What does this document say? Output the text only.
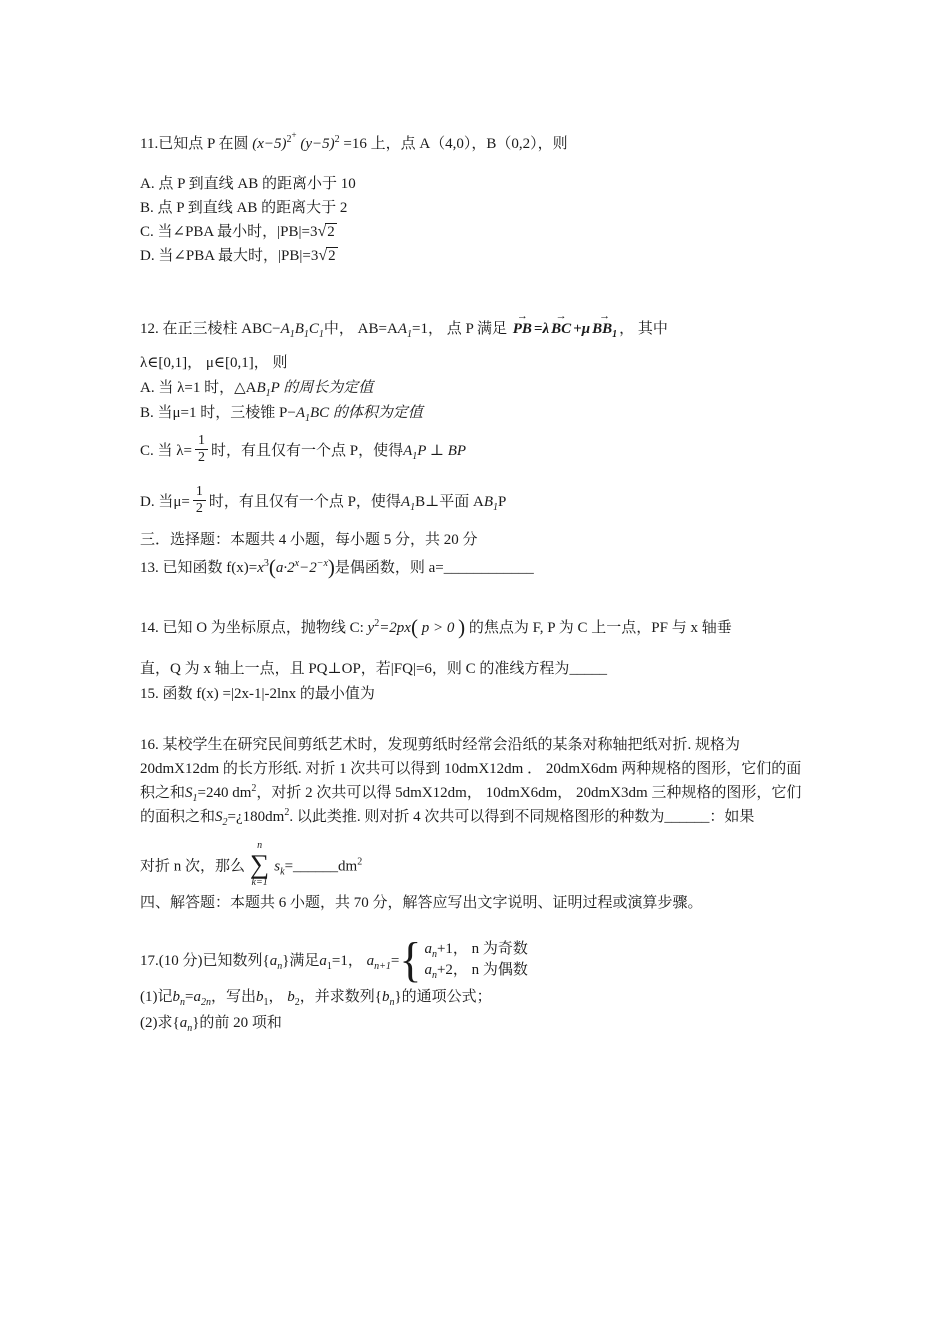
11.已知点 P 在圆 $(x-5)^{2+}$ $(y-5)^2 =16$ 上，点 A（4,0），B（0,2），则

A. 点 P 到直线 AB 的距离小于 10

B. 点 P 到直线 AB 的距离大于 2

C. 当∠PBA 最小时，|PB|=3√2

D. 当∠PBA 最大时，|PB|=3√2

12. 在正三棱柱 $ABC-A_1B_1C_1$中， $AB=AA_1=1$， 点 P 满足
→
PB =λ
→
BC +μ
→
$BB_1$ ， 其中

λ∈[0,1]， μ∈[0,1]， 则

A. 当 λ=1 时，$\triangle AB_1P$ 的周长为定值

B. 当μ=1 时，三棱锥 $P-A_1BC$ 的体积为定值

C. 当 $\lambda= \frac{1}{2}$ 时，有且仅有一个点 P，使得$A_1P$ ⊥ BP

D. 当$\mu= \frac{1}{2}$ 时，有且仅有一个点 P，使得$A_1B\perp$平面 $AB_1P$

三．选择题：本题共 4 小题，每小题 5 分，共 20 分

13. 已知函数 $f(x)=x^3(a\cdot 2^x-2^{-x})$是偶函数，则 a=____________

14. 已知 O 为坐标原点，抛物线 C: $y^2=2px$( p > 0 ) 的焦点为 F, P 为 C 上一点，PF 与 x 轴垂

直，Q 为 x 轴上一点，且 PQ⊥OP，若|FQ|=6，则 C 的准线方程为_____

15. 函数 f(x) =|2x-1|-2lnx 的最小值为

16. 某校学生在研究民间剪纸艺术时，发现剪纸时经常会沿纸的某条对称轴把纸对折. 规格为

20dmX12dm 的长方形纸. 对折 1 次共可以得到 10dmX12dm ． 20dmX6dm 两种规格的图形，它们的面

积之和$S_1=240$ $dm^2$，对折 2 次共可以得 5dmX12dm， 10dmX6dm， 20dmX3dm 三种规格的图形，它们

的面积之和$S_2=¿180dm^2$. 以此类推. 则对折 4 次共可以得到不同规格图形的种数为______：如果

对折 n 次，那么
n
∑
k=1
$s_k=\_\_\_\_\_\_dm^2$

四、解答题：本题共 6 小题，共 70 分，解答应写出文字说明、证明过程或演算步骤。

17.(10 分)已知数列$\{a_n\}$满足$a_1=1$， $a_{n+1}=$ { $a_n+1$， n 为奇数
$a_n+2$， n 为偶数

(1)记$b_n=a_{2n}$，写出$b_1$， $b_2$，并求数列$\{b_n\}$的通项公式；

(2)求$\{a_n\}$的前 20 项和
